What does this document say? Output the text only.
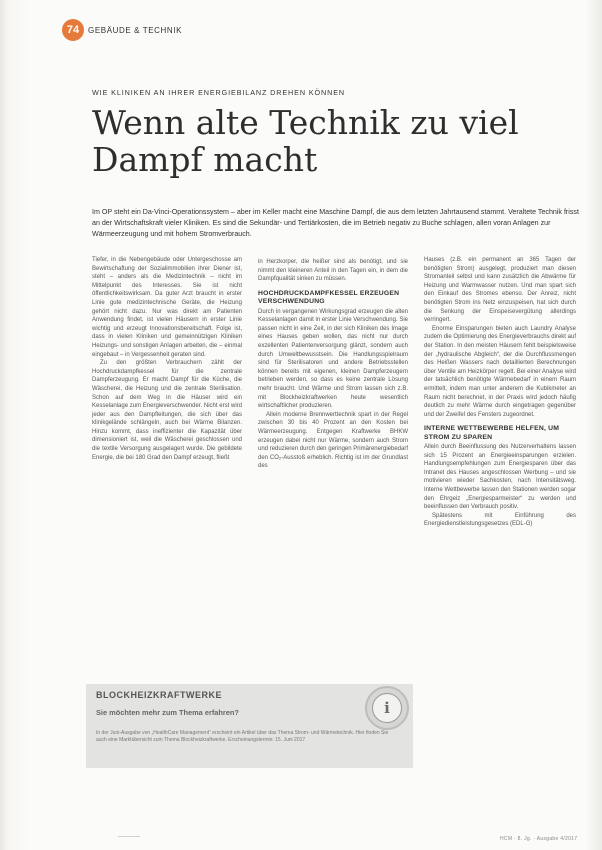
74	GEBÄUDE & TECHNIK
WIE KLINIKEN AN IHRER ENERGIEBILANZ DREHEN KÖNNEN
Wenn alte Technik zu viel Dampf macht

Im OP steht ein Da-Vinci-Operationssystem – aber im Keller macht eine Maschine Dampf, die aus dem letzten Jahrtausend stammt. Veraltete Technik frisst an der Wirtschaftskraft vieler Kliniken. Es sind die Sekundär- und Tertiärkosten, die im Betrieb negativ zu Buche schlagen, allen voran Anlagen zur Wärmeerzeugung und mit hohem Stromverbrauch.

Tiefer, in die Nebengebäude oder Untergeschosse am Bewirtschaftung der Sozialimmobilien ihrer Diener ist, steht – anders als die Medizintechnik – nicht im Mittelpunkt des Interesses. Sie ist nicht öffentlichkeitswirksam. Da guter Arzt braucht in erster Linie gute medizintechnische Geräte, die Heizung gehört nicht dazu. Nur was direkt am Patienten Anwendung findet, ist vielen Häusern in erster Linie wichtig und erzeugt Innovationsbereitschaft. Folge ist, dass in vielen Kliniken und gemeinnützigen Kliniken Heizungs- und sonstigen Anlagen arbeiten, die – einmal eingebaut – in Vergessenheit geraten sind.

Zu den größten Verbrauchern zählt der Hochdruckdampfkessel für die zentrale Dampferzeugung. Er macht Dampf für die Küche, die Wäscherei, die Heizung und die zentrale Sterilisation. Schon auf dem Weg in die Häuser wird ein Kesselanlage zum Energieverschwender. Nicht erst wird jeder aus den Dampfleitungen, die sich über das klinikgelände schlängeln, auch bei Wärme Bilanzen. Hinzu kommt, dass ineffizienter die Kapazität über dimensioniert ist, weil die Wäscherei geschlossen und die textile Versorgung ausgelagert wurde. Die gebildete Energie, die bei 180 Grad den Dampf erzeugt, fließt

in Herzkorper, die heißer sind als benötigt, und sie nimmt den kleineren Anteil in den Tagen ein, in dem die Dampfqualität sinken zu müssen.

HOCHDRUCKDAMPFKESSEL ERZEUGEN VERSCHWENDUNG

Durch in vergangenen Wirkungsgrad erzeugen die alten Kesselanlagen damit in erster Linie Verschwendung. Sie passen nicht in eine Zeit, in der sich Kliniken des Image eines Hauses geben wollen, das nicht nur durch exzellenten Patientenversorgung glänzt, sondern auch durch Umweltbewusstsein. Die Handlungsspielraum sind für Sterilisatoren und andere Betriebsstellen können bereits mit eigenen, kleinen Dampferzeugern betrieben werden, so dass es keine zentrale Lösung mehr braucht. Und Wärme und Strom lassen sich z.B. mit Blockheizkraftwerken heute wesentlich wirtschaftlicher produzieren.

Allein moderne Brennwerttechnik spart in der Regel zwischen 30 bis 40 Prozent an den Kosten bei Wärmeerzeugung. Entgegen Kraftwerke BHKW erzeugen dabei nicht nur Wärme, sondern auch Strom und reduzieren durch den geringen Primärenergiebedarf den CO₂-Ausstoß erheblich. Richtig ist im der Grundlast des

Hauses (z.B. ein permanent an 365 Tagen der benötigten Strom) ausgelegt, produziert man diesen Stromanteil selbst und kann zusätzlich die Abwärme für Heizung und Warmwasser nutzen. Und man spart sich den Einkauf des Stromes ebenso. Der Anreiz, nicht benötigten Strom ins Netz einzuspeisen, hat sich durch die Senkung der Einspeisevergütung allerdings verringert.

Enorme Einsparungen bieten auch Laundry Analyse zudem die Optimierung des Energieverbrauchs direkt auf der Station. In den meisten Häusern fehlt beispielsweise der „hydraulische Abgleich“, der die Durchflussmengen des Heißen Wassers nach detaillierten Berechnungen über Ventile am Heizkörper regelt. Bei einer Analyse wird der tatsächlich benötigte Wärmebedarf in einem Raum ermittelt, indem man unter anderem die Kubikmeter an Raum nicht berechnet, in der Praxis wird jedoch häufig deutlich zu mehr Wärme durch eingetragen gegenüber und der Zweifel des Fensters zugeordnet.

INTERNE WETTBEWERBE HELFEN, UM STROM ZU SPAREN

Allein durch Beeinflussung des Nutzerverhaltens lassen sich 15 Prozent an Energieeinsparungen erzielen. Handlungsempfehlungen zum Energiesparen über das Intranet des Hauses angeschlossen Werbung – und sie motivieren wieder Sachkosten, nach Intensitätsweg. Interne Wettbewerbe lassen den Stationen werden sogar den Ehrgeiz „Energiesparmeister“ zu werden und beeinflussen den Verbrauch positiv.

Spätestens mit Einführung des Energiedienstleistungsgesetzes (EDL-G)

BLOCKHEIZKRAFTWERKE
Sie möchten mehr zum Thema erfahren?
In der Juni-Ausgabe von „HealthCare Management“ erscheint ein Artikel über das Thema Strom- und Wärmetechnik. Hier finden Sie auch eine Marktübersicht zum Thema Blockheizkraftwerke. Erscheinungstermin: 15. Juni 2017
i
HCM · 8. Jg. · Ausgabe 4/2017
